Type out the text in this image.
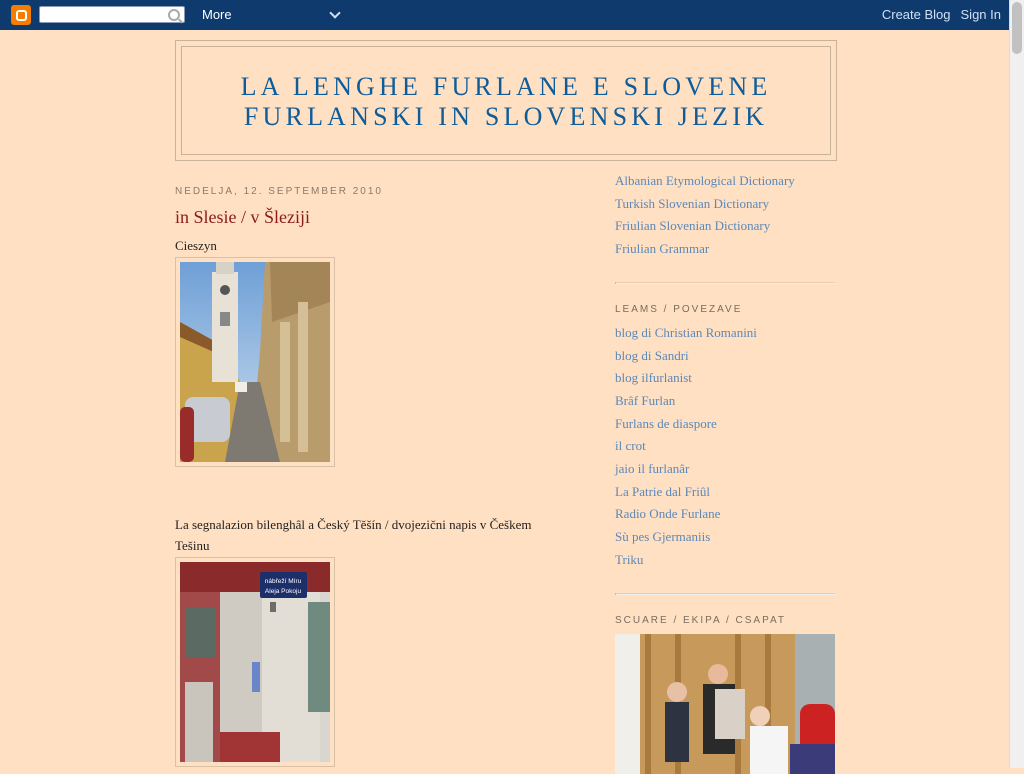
More	Create Blog Sign In
LA LENGHE FURLANE E SLOVENE
FURLANSKI IN SLOVENSKI JEZIK
NEDELJA, 12. SEPTEMBER 2010
in Slesie / v Šleziji
Cieszyn
La segnalazion bilenghâl a Český Těšín / dvojezični napis v Češkem
Tešinu
nábřeží Míru
Aleja Pokoju
Albanian Etymological Dictionary
Turkish Slovenian Dictionary
Friulian Slovenian Dictionary
Friulian Grammar
LEAMS / POVEZAVE
blog di Christian Romanini
blog di Sandri
blog ilfurlanist
Brâf Furlan
Furlans de diaspore
il crot
jaio il furlanâr
La Patrie dal Friûl
Radio Onde Furlane
Sù pes Gjermaniis
Triku
SCUARE / EKIPA / CSAPAT
